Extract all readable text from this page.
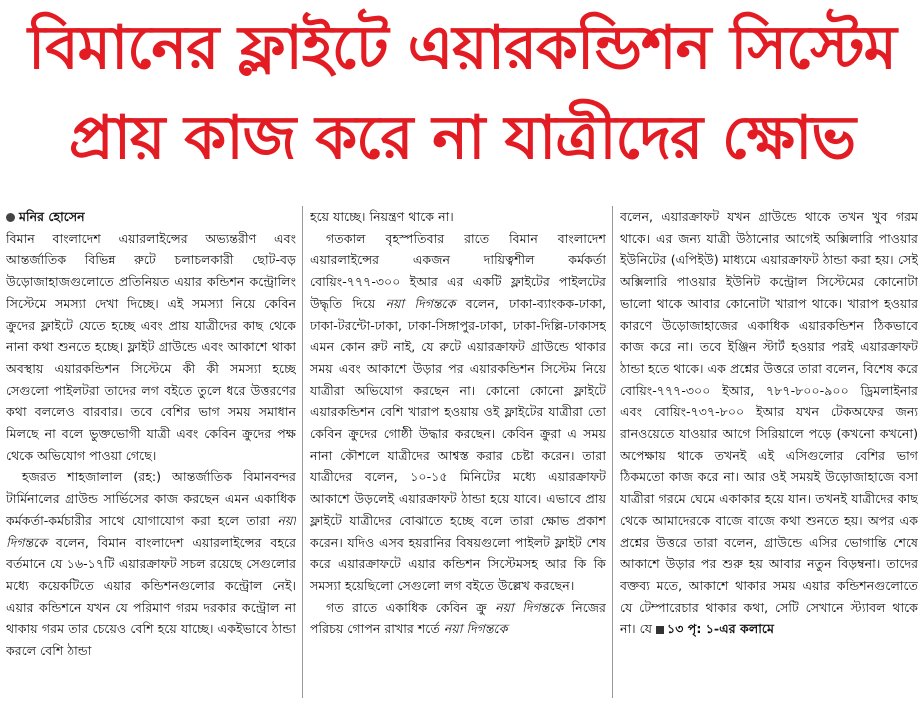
বিমানের ফ্লাইটে এয়ারকন্ডিশন সিস্টেম
প্রায় কাজ করে না যাত্রীদের ক্ষোভ
মনির হোসেন

বিমান বাংলাদেশ এয়ারলাইন্সের অভ্যন্তরীণ এবং আন্তর্জাতিক বিভিন্ন রুটে চলাচলকারী ছোট-বড় উড়োজাহাজগুলোতে প্রতিনিয়ত এয়ার কন্ডিশন কন্ট্রোলিং সিস্টেমে সমস্যা দেখা দিচ্ছে। এই সমস্যা নিয়ে কেবিন ক্রুদের ফ্লাইটে যেতে হচ্ছে এবং প্রায় যাত্রীদের কাছ থেকে নানা কথা শুনতে হচ্ছে। ফ্লাইট গ্রাউন্ডে এবং আকাশে থাকা অবস্থায় এয়ারকন্ডিশন সিস্টেমে কী কী সমস্যা হচ্ছে সেগুলো পাইলটরা তাদের লগ বইতে তুলে ধরে উত্তরণের কথা বললেও বারবার। তবে বেশির ভাগ সময় সমাধান মিলছে না বলে ভুক্তভোগী যাত্রী এবং কেবিন ক্রুদের পক্ষ থেকে অভিযোগ পাওয়া গেছে।

হজরত শাহজালাল (রহ:) আন্তর্জাতিক বিমানবন্দর টার্মিনালের গ্রাউন্ড সার্ভিসের কাজ করছেন এমন একাধিক কর্মকর্তা-কর্মচারীর সাথে যোগাযোগ করা হলে তারা নয়া দিগন্তকে বলেন, বিমান বাংলাদেশ এয়ারলাইন্সের বহরে বর্তমানে যে ১৬-১৭টি এয়ারক্রাফট সচল রয়েছে সেগুলোর মধ্যে কয়েকটিতে এয়ার কন্ডিশনগুলোর কন্ট্রোল নেই। এয়ার কন্ডিশনে যখন যে পরিমাণ গরম দরকার কন্ট্রোল না থাকায় গরম তার চেয়েও বেশি হয়ে যাচ্ছে। একইভাবে ঠান্ডা করলে বেশি ঠান্ডা

হয়ে যাচ্ছে। নিয়ন্ত্রণ থাকে না।

গতকাল বৃহস্পতিবার রাতে বিমান বাংলাদেশ এয়ারলাইন্সের একজন দায়িত্বশীল কর্মকর্তা বোয়িং-৭৭৭-৩০০ ইআর এর একটি ফ্লাইটের পাইলটের উদ্ধৃতি দিয়ে নয়া দিগন্তকে বলেন, ঢাকা-ব্যাংকক-ঢাকা, ঢাকা-টরন্টো-ঢাকা, ঢাকা-সিঙ্গাপুর-ঢাকা, ঢাকা-দিল্লি-ঢাকাসহ এমন কোন রুট নাই, যে রুটে এয়ারক্রাফট গ্রাউন্ডে থাকার সময় এবং আকাশে উড়ার পর এয়ারকন্ডিশন সিস্টেম নিয়ে যাত্রীরা অভিযোগ করছেন না। কোনো কোনো ফ্লাইটে এয়ারকন্ডিশন বেশি খারাপ হওয়ায় ওই ফ্লাইটের যাত্রীরা তো কেবিন ক্রুদের গোষ্ঠী উদ্ধার করছেন। কেবিন ক্রুরা এ সময় নানা কৌশলে যাত্রীদের আশ্বস্ত করার চেষ্টা করেন। তারা যাত্রীদের বলেন, ১০-১৫ মিনিটের মধ্যে এয়ারক্রাফট আকাশে উড়লেই এয়ারক্রাফট ঠান্ডা হয়ে যাবে। এভাবে প্রায় ফ্লাইটে যাত্রীদের বোঝাতে হচ্ছে বলে তারা ক্ষোভ প্রকাশ করেন। যদিও এসব হয়রানির বিষয়গুলো পাইলট ফ্লাইট শেষ করে এয়ারক্রাফটে এয়ার কন্ডিশন সিস্টেমসহ আর কি কি সমস্যা হয়েছিলো সেগুলো লগ বইতে উল্লেখ করছেন।

গত রাতে একাধিক কেবিন ক্রু নয়া দিগন্তকে নিজের পরিচয় গোপন রাখার শর্তে নয়া দিগন্তকে

বলেন, এয়ারক্রাফট যখন গ্রাউন্ডে থাকে তখন খুব গরম থাকে। এর জন্য যাত্রী উঠানোর আগেই অক্সিলারি পাওয়ার ইউনিটের (এপিইউ) মাধ্যমে এয়ারক্রাফট ঠান্ডা করা হয়। সেই অক্সিলারি পাওয়ার ইউনিট কন্ট্রোল সিস্টেমের কোনোটা ভালো থাকে আবার কোনোটা খারাপ থাকে। খারাপ হওয়ার কারণে উড়োজাহাজের একাধিক এয়ারকন্ডিশন ঠিকভাবে কাজ করে না। তবে ইঞ্জিন স্টার্ট হওয়ার পরই এয়ারক্রাফট ঠান্ডা হতে থাকে। এক প্রশ্নের উত্তরে তারা বলেন, বিশেষ করে বোয়িং-৭৭৭-৩০০ ইআর, ৭৮৭-৮০০-৯০০ ড্রিমলাইনার এবং বোয়িং-৭৩৭-৮০০ ইআর যখন টেকঅফের জন্য রানওয়েতে যাওয়ার আগে সিরিয়ালে পড়ে (কখনো কখনো) অপেক্ষায় থাকে তখনই এই এসিগুলোর বেশির ভাগ ঠিকমতো কাজ করে না। আর ওই সময়ই উড়োজাহাজে বসা যাত্রীরা গরমে ঘেমে একাকার হয়ে যান। তখনই যাত্রীদের কাছ থেকে আমাদেরকে বাজে বাজে কথা শুনতে হয়। অপর এক প্রশ্নের উত্তরে তারা বলেন, গ্রাউন্ডে এসির ভোগান্তি শেষে আকাশে উড়ার পর শুরু হয় আবার নতুন বিড়ম্বনা। তাদের বক্তব্য মতে, আকাশে থাকার সময় এয়ার কন্ডিশনগুলোতে যে টেম্পারেচার থাকার কথা, সেটি সেখানে স্ট্যাবল থাকে না। যে ১৩ পৃ: ১-এর কলামে
